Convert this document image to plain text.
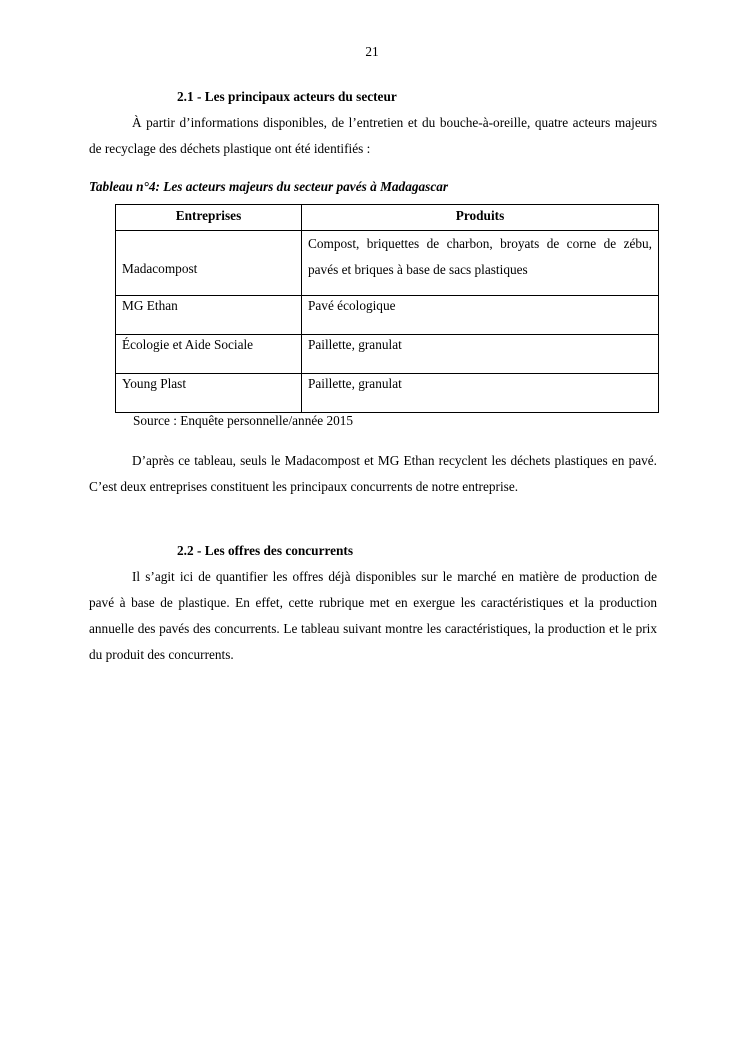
21
2.1 - Les principaux acteurs du secteur

À partir d’informations disponibles, de l’entretien et du bouche-à-oreille, quatre acteurs majeurs de recyclage des déchets plastique ont été identifiés :

Tableau n°4: Les acteurs majeurs du secteur pavés à Madagascar
Entreprises	Produits

Madacompost	Compost, briquettes de charbon, broyats de corne de zébu, pavés et briques à base de sacs plastiques

MG Ethan	Pavé écologique
Écologie et Aide Sociale	Paillette, granulat
Young Plast	Paillette, granulat
Source : Enquête personnelle/année 2015

D’après ce tableau, seuls le Madacompost et MG Ethan recyclent les déchets plastiques en pavé. C’est deux entreprises constituent les principaux concurrents de notre entreprise.

2.2 - Les offres des concurrents

Il s’agit ici de quantifier les offres déjà disponibles sur le marché en matière de production de pavé à base de plastique. En effet, cette rubrique met en exergue les caractéristiques et la production annuelle des pavés des concurrents. Le tableau suivant montre les caractéristiques, la production et le prix du produit des concurrents.
